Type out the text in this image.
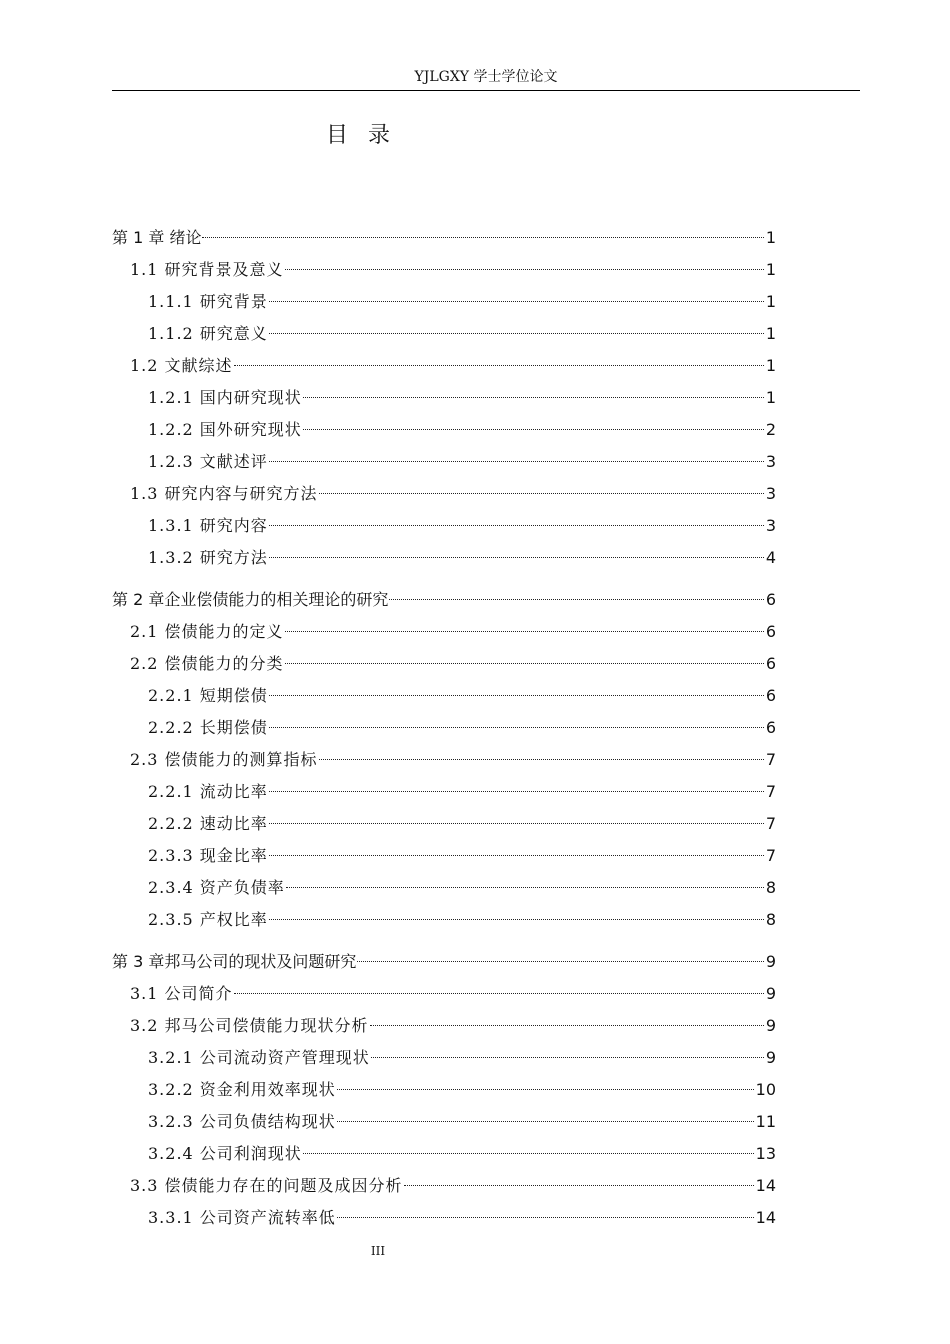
YJLGXY 学士学位论文
目录
第 1 章 绪论	1
1.1 研究背景及意义	1
1.1.1 研究背景	1
1.1.2 研究意义	1
1.2 文献综述	1
1.2.1 国内研究现状	1
1.2.2 国外研究现状	2
1.2.3 文献述评	3
1.3 研究内容与研究方法	3
1.3.1 研究内容	3
1.3.2 研究方法	4
第 2 章企业偿债能力的相关理论的研究	6
2.1 偿债能力的定义	6
2.2 偿债能力的分类	6
2.2.1 短期偿债	6
2.2.2 长期偿债	6
2.3 偿债能力的测算指标	7
2.2.1 流动比率	7
2.2.2 速动比率	7
2.3.3 现金比率	7
2.3.4 资产负债率	8
2.3.5 产权比率	8
第 3 章邦马公司的现状及问题研究	9
3.1 公司简介	9
3.2 邦马公司偿债能力现状分析	9
3.2.1 公司流动资产管理现状	9
3.2.2 资金利用效率现状	10
3.2.3 公司负债结构现状	11
3.2.4 公司利润现状	13
3.3 偿债能力存在的问题及成因分析	14
3.3.1 公司资产流转率低	14
III
